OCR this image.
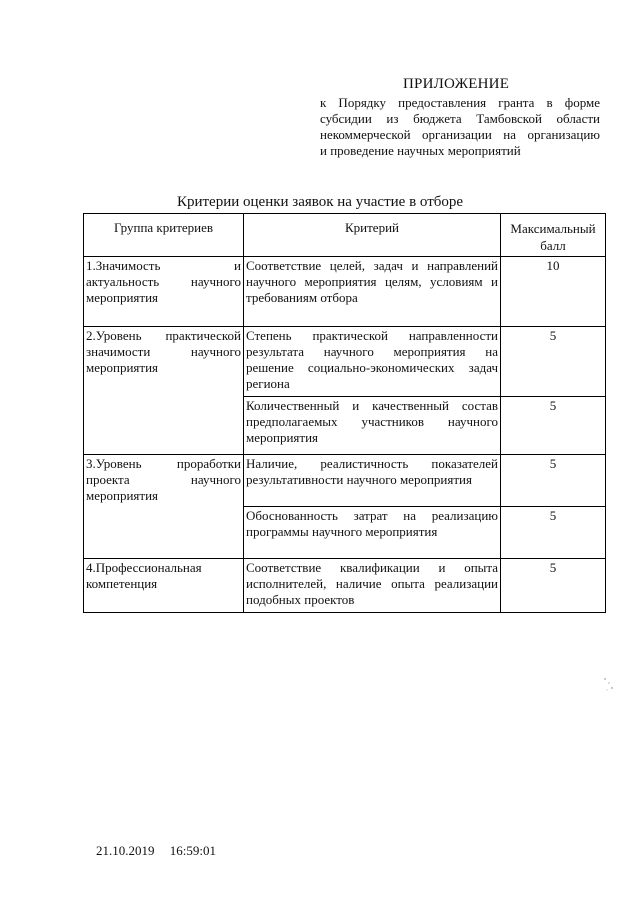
ПРИЛОЖЕНИЕ
к Порядку предоставления гранта в форме
субсидии из бюджета Тамбовской области
некоммерческой организации на организацию
и проведение научных мероприятий
Критерии оценки заявок на участие в отборе
Группа критериев	Критерий	Максимальный балл
1.Значимость и актуальность научного мероприятия	Соответствие целей, задач и направлений научного мероприятия целям, условиям и требованиям отбора	10
2.Уровень практической значимости научного мероприятия	Степень практической направленности результата научного мероприятия на решение социально-экономических задач региона	5
	Количественный и качественный состав предполагаемых участников научного мероприятия	5
3.Уровень проработки проекта научного мероприятия	Наличие, реалистичность показателей результативности научного мероприятия	5
	Обоснованность затрат на реализацию программы научного мероприятия	5
4.Профессиональная компетенция	Соответствие квалификации и опыта исполнителей, наличие опыта реализации подобных проектов	5
21.10.2019 16:59:01
